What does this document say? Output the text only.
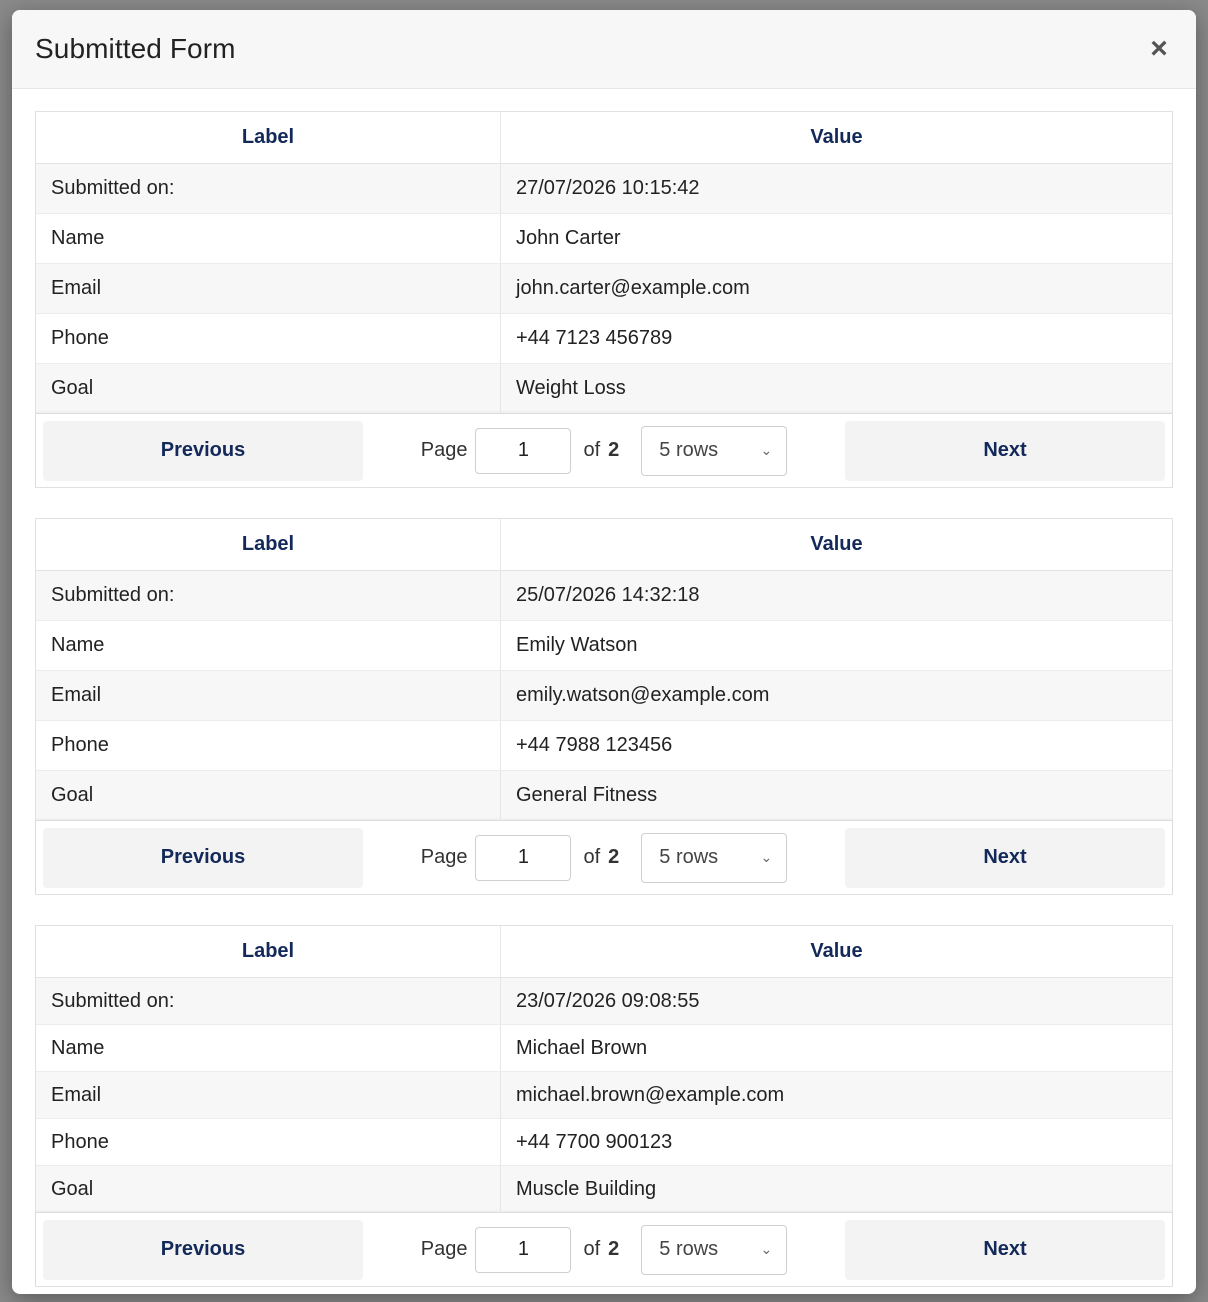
Submitted Form	×
Label	Value
Submitted on:	27/07/2026 10:15:42
Name	John Carter
Email	john.carter@example.com
Phone	+44 7123 456789
Goal	Weight Loss
Previous	Page
1	of 2 5 rows	⌄	Next
Label	Value
Submitted on:	25/07/2026 14:32:18
Name	Emily Watson
Email	emily.watson@example.com
Phone	+44 7988 123456
Goal	General Fitness
Previous	Page
1	of 2 5 rows	⌄	Next
Label	Value
Submitted on:	23/07/2026 09:08:55
Name	Michael Brown
Email	michael.brown@example.com
Phone	+44 7700 900123
Goal	Muscle Building
Previous	Page
1	of 2 5 rows	⌄	Next
